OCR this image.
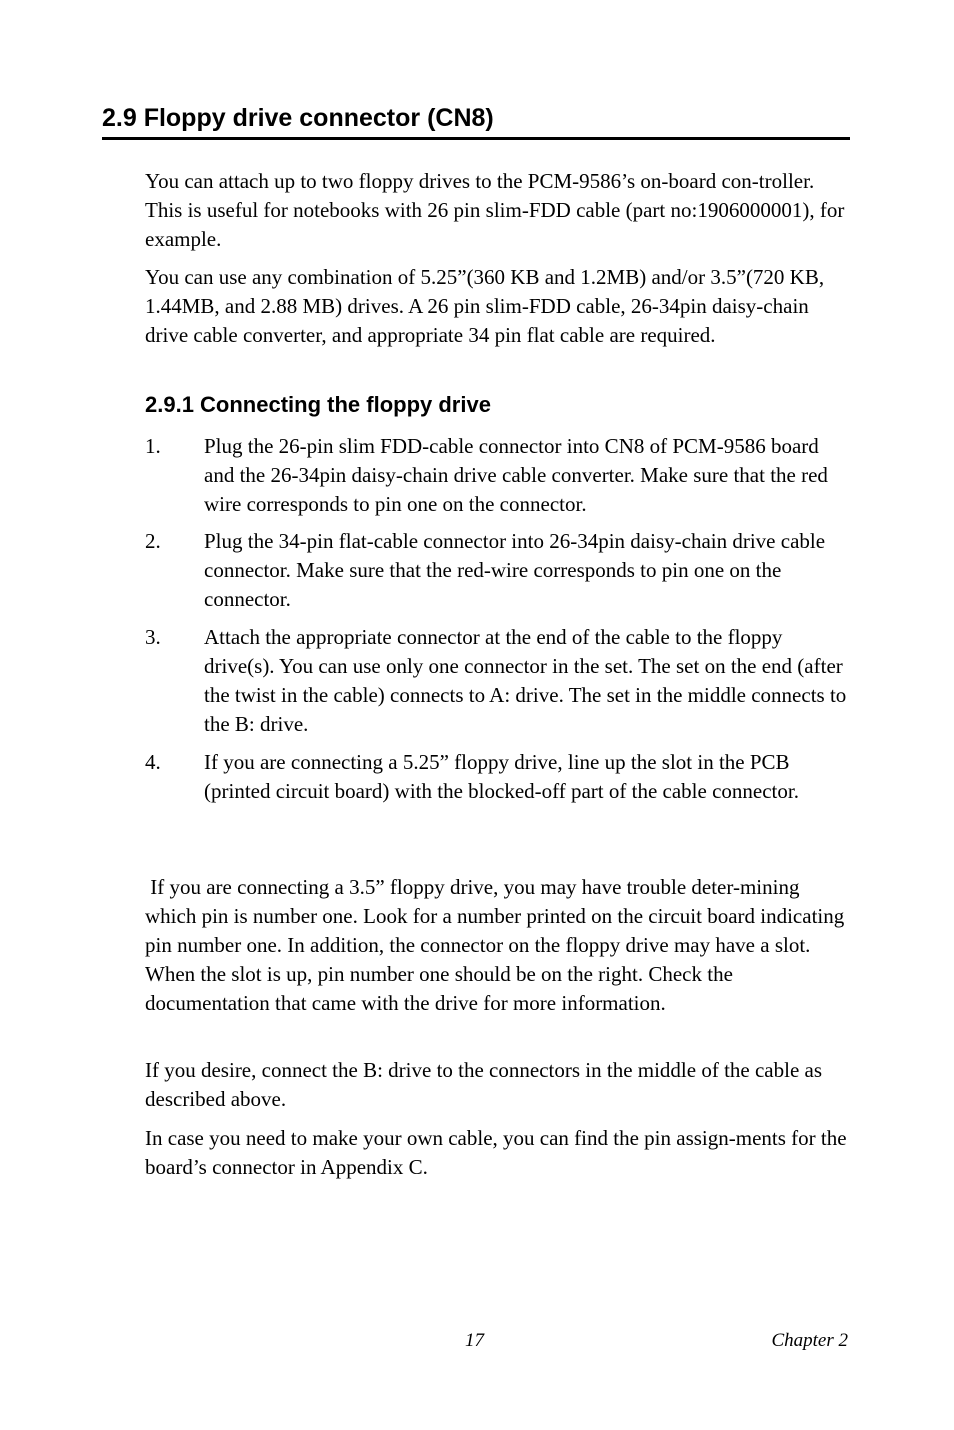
2.9 Floppy drive connector (CN8)

You can attach up to two floppy drives to the PCM-9586’s on-board con-troller. This is useful for notebooks with 26 pin slim-FDD cable (part no:1906000001), for example.

You can use any combination of 5.25”(360 KB and 1.2MB) and/or 3.5”(720 KB, 1.44MB, and 2.88 MB) drives. A 26 pin slim-FDD cable, 26-34pin daisy-chain drive cable converter, and appropriate 34 pin flat cable are required.

2.9.1 Connecting the floppy drive
1. Plug the 26-pin slim FDD-cable connector into CN8 of PCM-9586 board and the 26-34pin daisy-chain drive cable converter. Make sure that the red wire corresponds to pin one on the connector.
2. Plug the 34-pin flat-cable connector into 26-34pin daisy-chain drive cable connector. Make sure that the red-wire corresponds to pin one on the connector.
3. Attach the appropriate connector at the end of the cable to the floppy drive(s). You can use only one connector in the set. The set on the end (after the twist in the cable) connects to A: drive. The set in the middle connects to the B: drive.
4. If you are connecting a 5.25” floppy drive, line up the slot in the PCB (printed circuit board) with the blocked-off part of the cable connector.

If you are connecting a 3.5” floppy drive, you may have trouble deter-mining which pin is number one. Look for a number printed on the circuit board indicating pin number one. In addition, the connector on the floppy drive may have a slot. When the slot is up, pin number one should be on the right. Check the documentation that came with the drive for more information.

If you desire, connect the B: drive to the connectors in the middle of the cable as described above.

In case you need to make your own cable, you can find the pin assign-ments for the board’s connector in Appendix C.

17	Chapter 2
